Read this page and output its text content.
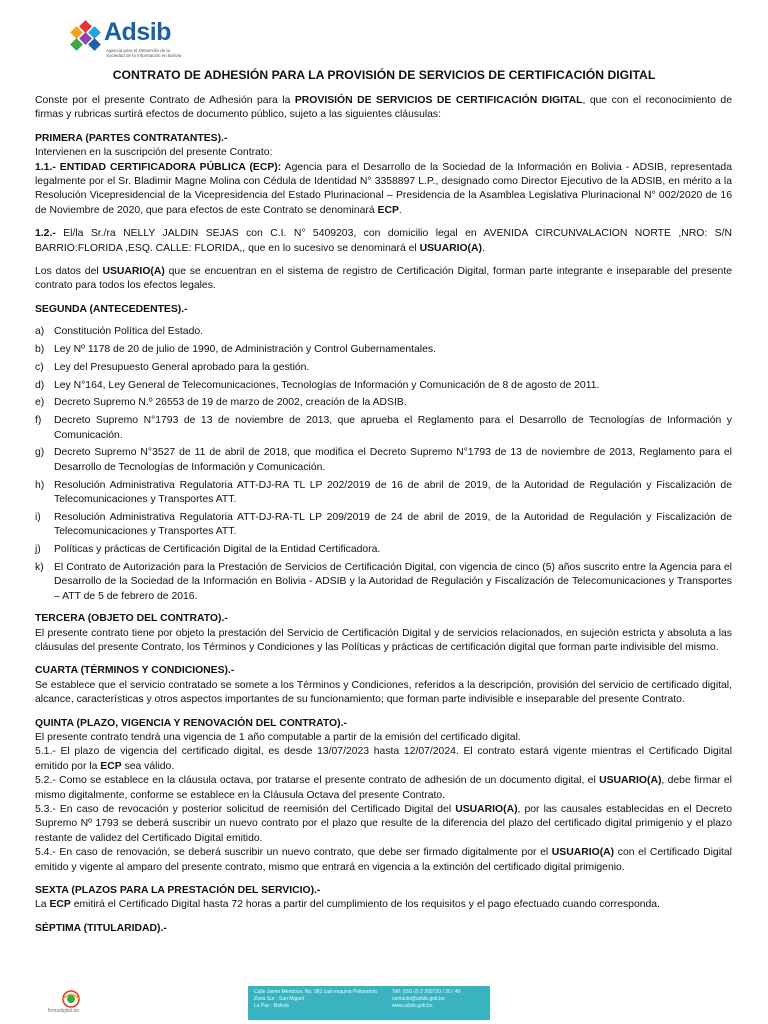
Adsib
Agencia para el Desarrollo de la Sociedad de la Información en Bolivia
CONTRATO DE ADHESIÓN PARA LA PROVISIÓN DE SERVICIOS DE CERTIFICACIÓN DIGITAL

Conste por el presente Contrato de Adhesión para la PROVISIÓN DE SERVICIOS DE CERTIFICACIÓN DIGITAL, que con el reconocimiento de firmas y rubricas surtirá efectos de documento público, sujeto a las siguientes cláusulas:

PRIMERA (PARTES CONTRATANTES).-

Intervienen en la suscripción del presente Contrato:

1.1.- ENTIDAD CERTIFICADORA PÚBLICA (ECP): Agencia para el Desarrollo de la Sociedad de la Información en Bolivia - ADSIB, representada legalmente por el Sr. Bladimir Magne Molina con Cédula de Identidad N° 3358897 L.P., designado como Director Ejecutivo de la ADSIB, en mérito a la Resolución Vicepresidencial de la Vicepresidencia del Estado Plurinacional – Presidencia de la Asamblea Legislativa Plurinacional N° 002/2020 de 16 de Noviembre de 2020, que para efectos de este Contrato se denominará ECP.

1.2.- El/la Sr./ra NELLY JALDIN SEJAS con C.I. N° 5409203, con domicilio legal en AVENIDA CIRCUNVALACION NORTE ,NRO: S/N BARRIO:FLORIDA ,ESQ. CALLE: FLORIDA,, que en lo sucesivo se denominará el USUARIO(A).

Los datos del USUARIO(A) que se encuentran en el sistema de registro de Certificación Digital, forman parte integrante e inseparable del presente contrato para todos los efectos legales.

SEGUNDA (ANTECEDENTES).-

a) Constitución Política del Estado.
b) Ley Nº 1178 de 20 de julio de 1990, de Administración y Control Gubernamentales.
c) Ley del Presupuesto General aprobado para la gestión.
d) Ley N°164, Ley General de Telecomunicaciones, Tecnologías de Información y Comunicación de 8 de agosto de 2011.
e) Decreto Supremo N.º 26553 de 19 de marzo de 2002, creación de la ADSIB.
f) Decreto Supremo N°1793 de 13 de noviembre de 2013, que aprueba el Reglamento para el Desarrollo de Tecnologías de Información y Comunicación.
g) Decreto Supremo N°3527 de 11 de abril de 2018, que modifica el Decreto Supremo N°1793 de 13 de noviembre de 2013, Reglamento para el Desarrollo de Tecnologías de Información y Comunicación.
h) Resolución Administrativa Regulatoria ATT-DJ-RA TL LP 202/2019 de 16 de abril de 2019, de la Autoridad de Regulación y Fiscalización de Telecomunicaciones y Transportes ATT.
i) Resolución Administrativa Regulatoria ATT-DJ-RA-TL LP 209/2019 de 24 de abril de 2019, de la Autoridad de Regulación y Fiscalización de Telecomunicaciones y Transportes ATT.
j) Políticas y prácticas de Certificación Digital de la Entidad Certificadora.
k) El Contrato de Autorización para la Prestación de Servicios de Certificación Digital, con vigencia de cinco (5) años suscrito entre la Agencia para el Desarrollo de la Sociedad de la Información en Bolivia - ADSIB y la Autoridad de Regulación y Fiscalización de Telecomunicaciones y Transportes – ATT de 5 de febrero de 2016.

TERCERA (OBJETO DEL CONTRATO).-

El presente contrato tiene por objeto la prestación del Servicio de Certificación Digital y de servicios relacionados, en sujeción estricta y absoluta a las cláusulas del presente Contrato, los Términos y Condiciones y las Políticas y prácticas de certificación digital que forman parte indivisible del mismo.

CUARTA (TÉRMINOS Y CONDICIONES).-

Se establece que el servicio contratado se somete a los Términos y Condiciones, referidos a la descripción, provisión del servicio de certificado digital, alcance, características y otros aspectos importantes de su funcionamiento; que forman parte indivisible e inseparable del presente Contrato.

QUINTA (PLAZO, VIGENCIA Y RENOVACIÓN DEL CONTRATO).-

El presente contrato tendrá una vigencia de 1 año computable a partir de la emisión del certificado digital.

5.1.- El plazo de vigencia del certificado digital, es desde 13/07/2023 hasta 12/07/2024. El contrato estará vigente mientras el Certificado Digital emitido por la ECP sea válido.

5.2.- Como se establece en la cláusula octava, por tratarse el presente contrato de adhesión de un documento digital, el USUARIO(A), debe firmar el mismo digitalmente, conforme se establece en la Cláusula Octava del presente Contrato.

5.3.- En caso de revocación y posterior solicitud de reemisión del Certificado Digital del USUARIO(A), por las causales establecidas en el Decreto Supremo Nº 1793 se deberá suscribir un nuevo contrato por el plazo que resulte de la diferencia del plazo del certificado digital primigenio y el plazo restante de validez del Certificado Digital emitido.

5.4.- En caso de renovación, se deberá suscribir un nuevo contrato, que debe ser firmado digitalmente por el USUARIO(A) con el Certificado Digital emitido y vigente al amparo del presente contrato, mismo que entrará en vigencia a la extinción del certificado digital primigenio.

SEXTA (PLAZOS PARA LA PRESTACIÓN DEL SERVICIO).-

La ECP emitirá el Certificado Digital hasta 72 horas a partir del cumplimiento de los requisitos y el pago efectuado cuando corresponda.

SÉPTIMA (TITULARIDAD).-

firmadigital.bo
Calle Jaime Mendoza, No. 981 casi esquina Pellaranda
Zona Sur - San Miguel
La Paz - Bolivia
Telf: (591-2) 2 200720 / 30 / 40
contacto@adsib.gob.bo
www.adsib.gob.bo
